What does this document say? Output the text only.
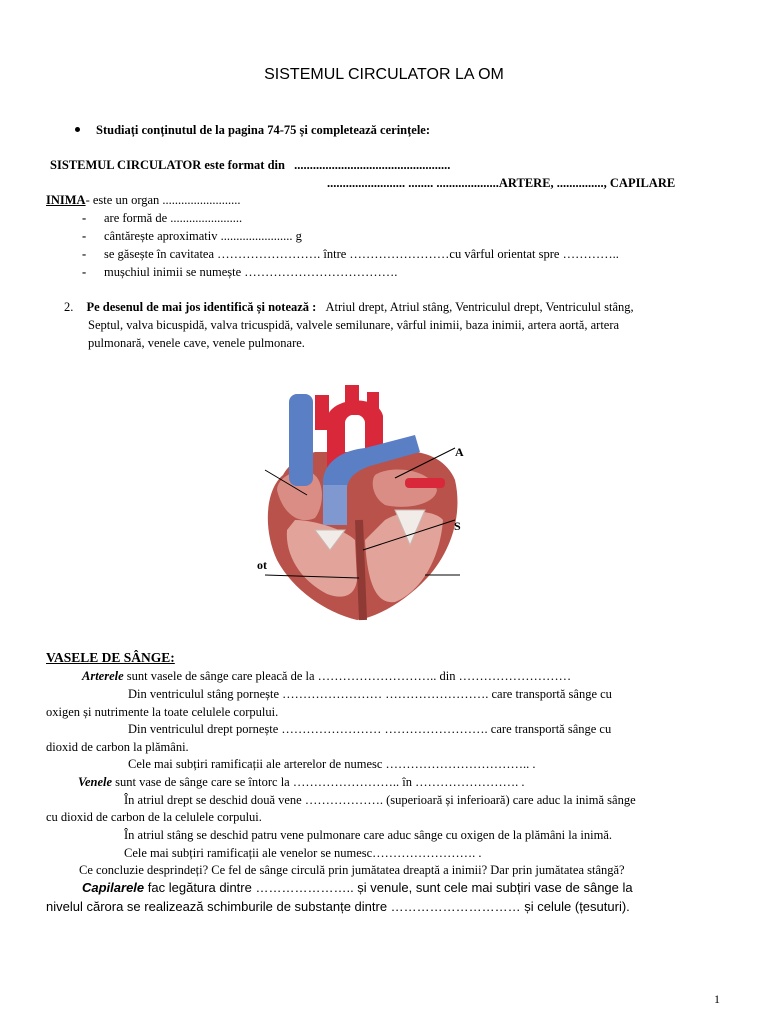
SISTEMUL CIRCULATOR LA OM
Studiați conținutul de la pagina 74-75 și completează cerințele:
SISTEMUL CIRCULATOR este format din ..................................................
......................... ........ ....................ARTERE, ..............., CAPILARE
INIMA- este un organ .........................
- are formă de .......................
- cântărește aproximativ ....................... g
- se găsește în cavitatea ……………………. între ……………………cu vârful orientat spre …………..
- mușchiul inimii se numește ……………………………….
2. Pe desenul de mai jos identifică și notează : Atriul drept, Atriul stâng, Ventriculul drept, Ventriculul stâng,
Septul, valva bicuspidă, valva tricuspidă, valvele semilunare, vârful inimii, baza inimii, artera aortă, artera
pulmonară, venele cave, venele pulmonare.
A
S
ot
VASELE DE SÂNGE:
Arterele sunt vasele de sânge care pleacă de la ……………………….. din ………………………
Din ventriculul stâng pornește …………………… ……………………. care transportă sânge cu
oxigen și nutrimente la toate celulele corpului.
Din ventriculul drept pornește …………………… ……………………. care transportă sânge cu
dioxid de carbon la plămâni.
Cele mai subțiri ramificații ale arterelor de numesc …………………………….. .
Venele sunt vase de sânge care se întorc la …………………….. în ……………………. .
În atriul drept se deschid două vene ………………. (superioară și inferioară) care aduc la inimă sânge
cu dioxid de carbon de la celulele corpului.
În atriul stâng se deschid patru vene pulmonare care aduc sânge cu oxigen de la plămâni la inimă.
Cele mai subțiri ramificații ale venelor se numesc……………………. .
Ce concluzie desprindeți? Ce fel de sânge circulă prin jumătatea dreaptă a inimii? Dar prin jumătatea stângă?
Capilarele fac legătura dintre ………………….. și venule, sunt cele mai subțiri vase de sânge la
nivelul cărora se realizează schimburile de substanțe dintre ………………………… și celule (țesuturi).
1
